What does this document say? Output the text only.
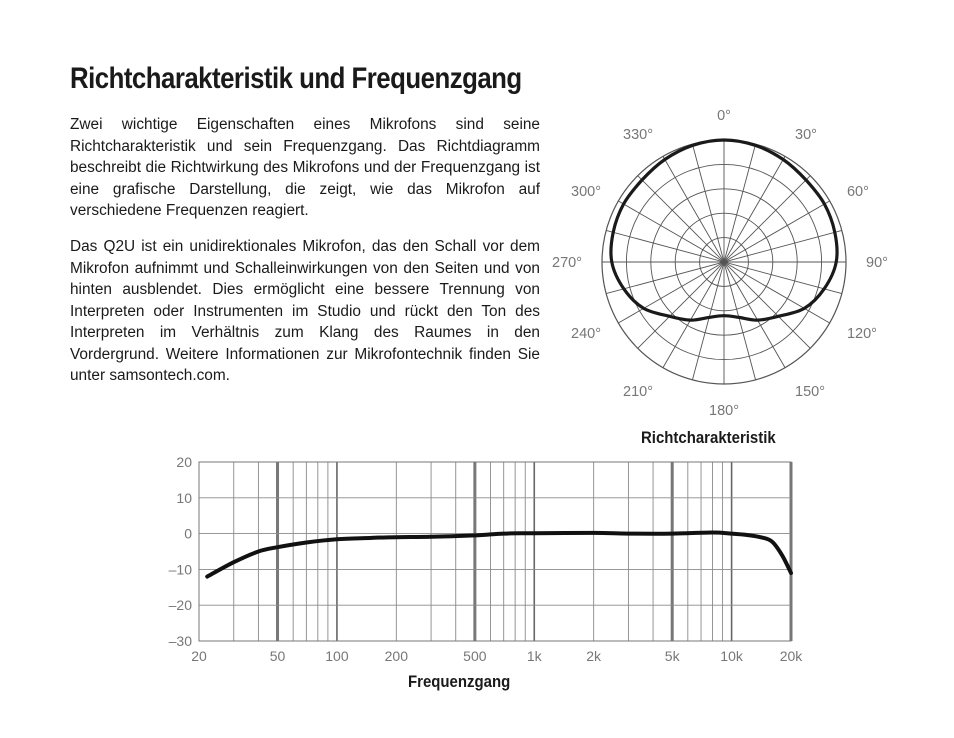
Richtcharakteristik und Frequenzgang

Zwei wichtige Eigenschaften eines Mikrofons sind seine Richtcharakteristik und sein Frequenzgang. Das Richtdiagramm beschreibt die Richtwirkung des Mikrofons und der Frequenzgang ist eine grafische Darstellung, die zeigt, wie das Mikrofon auf verschiedene Frequenzen reagiert.

Das Q2U ist ein unidirektionales Mikrofon, das den Schall vor dem Mikrofon aufnimmt und Schalleinwirkungen von den Seiten und von hinten ausblendet. Dies ermöglicht eine bessere Trennung von Interpreten oder Instrumenten im Studio und rückt den Ton des Interpreten im Verhältnis zum Klang des Raumes in den Vordergrund. Weitere Informationen zur Mikrofontechnik finden Sie unter samsontech.com.

0°
30°
60°
90°
120°
150°
180°
210°
240°
270°
300°
330°
20
10
0
–10
–20
–30
20	50	100	200	500	1k	2k	5k	10k	20k
Richtcharakteristik
Frequenzgang
